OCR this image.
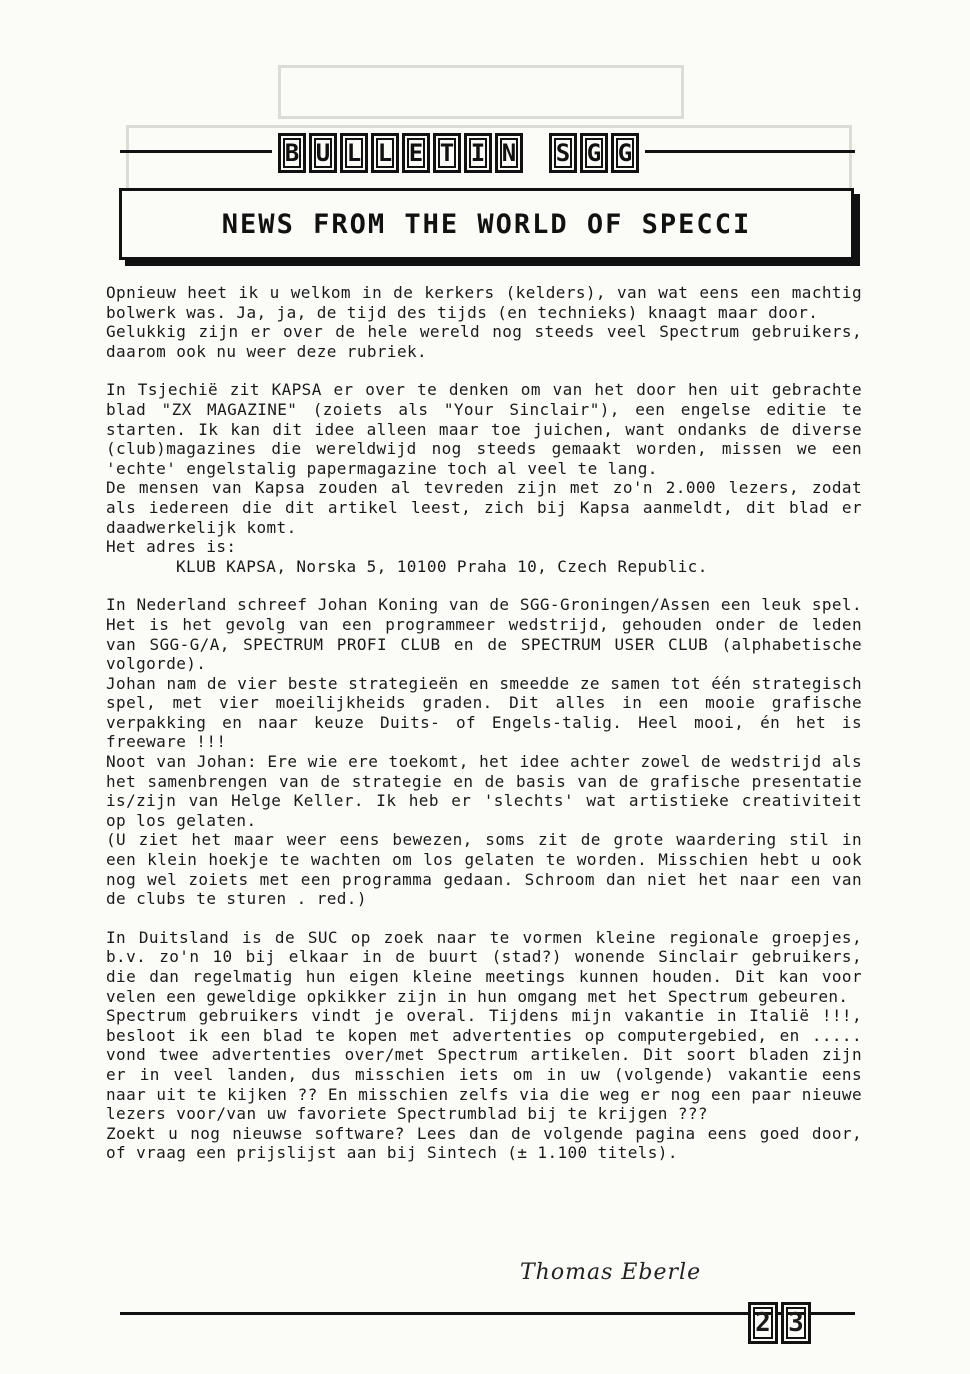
B U L L E T I N S G G
NEWS FROM THE WORLD OF SPECCI

Opnieuw heet ik u welkom in de kerkers (kelders), van wat eens een machtig bolwerk was. Ja, ja, de tijd des tijds (en technieks) knaagt maar door.

Gelukkig zijn er over de hele wereld nog steeds veel Spectrum gebruikers, daarom ook nu weer deze rubriek.

In Tsjechië zit KAPSA er over te denken om van het door hen uit gebrachte blad "ZX MAGAZINE" (zoiets als "Your Sinclair"), een engelse editie te starten. Ik kan dit idee alleen maar toe juichen, want ondanks de diverse (club)magazines die wereldwijd nog steeds gemaakt worden, missen we een 'echte' engelstalig papermagazine toch al veel te lang.

De mensen van Kapsa zouden al tevreden zijn met zo'n 2.000 lezers, zodat als iedereen die dit artikel leest, zich bij Kapsa aanmeldt, dit blad er daadwerkelijk komt.

Het adres is:

KLUB KAPSA, Norska 5, 10100 Praha 10, Czech Republic.

In Nederland schreef Johan Koning van de SGG-Groningen/Assen een leuk spel. Het is het gevolg van een programmeer wedstrijd, gehouden onder de leden van SGG-G/A, SPECTRUM PROFI CLUB en de SPECTRUM USER CLUB (alphabetische volgorde).

Johan nam de vier beste strategieën en smeedde ze samen tot één strategisch spel, met vier moeilijkheids graden. Dit alles in een mooie grafische verpakking en naar keuze Duits- of Engels-talig. Heel mooi, én het is freeware !!!

Noot van Johan: Ere wie ere toekomt, het idee achter zowel de wedstrijd als het samenbrengen van de strategie en de basis van de grafische presentatie is/zijn van Helge Keller. Ik heb er 'slechts' wat artistieke creativiteit op los gelaten.

(U ziet het maar weer eens bewezen, soms zit de grote waardering stil in een klein hoekje te wachten om los gelaten te worden. Misschien hebt u ook nog wel zoiets met een programma gedaan. Schroom dan niet het naar een van de clubs te sturen . red.)

In Duitsland is de SUC op zoek naar te vormen kleine regionale groepjes, b.v. zo'n 10 bij elkaar in de buurt (stad?) wonende Sinclair gebruikers, die dan regelmatig hun eigen kleine meetings kunnen houden. Dit kan voor velen een geweldige opkikker zijn in hun omgang met het Spectrum gebeuren.

Spectrum gebruikers vindt je overal. Tijdens mijn vakantie in Italië !!!, besloot ik een blad te kopen met advertenties op computergebied, en ..... vond twee advertenties over/met Spectrum artikelen. Dit soort bladen zijn er in veel landen, dus misschien iets om in uw (volgende) vakantie eens naar uit te kijken ?? En misschien zelfs via die weg er nog een paar nieuwe lezers voor/van uw favoriete Spectrumblad bij te krijgen ???

Zoekt u nog nieuwse software? Lees dan de volgende pagina eens goed door, of vraag een prijslijst aan bij Sintech (± 1.100 titels).

Thomas Eberle
2 3
